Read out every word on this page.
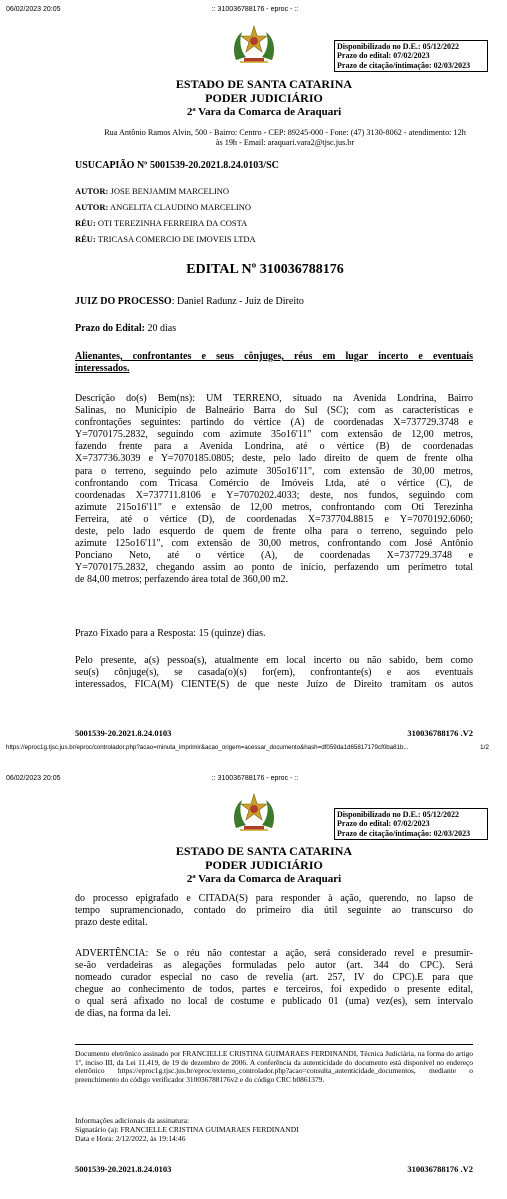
06/02/2023 20:05	:: 310036788176 - eproc - ::
Disponibilizado no D.E.: 05/12/2022
Prazo do edital: 07/02/2023
Prazo de citação/intimação: 02/03/2023
ESTADO DE SANTA CATARINA
PODER JUDICIÁRIO
2ª Vara da Comarca de Araquari
Rua Antônio Ramos Alvin, 500 - Bairro: Centro - CEP: 89245-000 - Fone: (47) 3130-8062 - atendimento: 12h
às 19h - Email: araquari.vara2@tjsc.jus.br
USUCAPIÃO Nº 5001539-20.2021.8.24.0103/SC
AUTOR: JOSE BENJAMIM MARCELINO
AUTOR: ANGELITA CLAUDINO MARCELINO
RÉU: OTI TEREZINHA FERREIRA DA COSTA
RÉU: TRICASA COMERCIO DE IMOVEIS LTDA
EDITAL Nº 310036788176
JUIZ DO PROCESSO: Daniel Radunz - Juiz de Direito
Prazo do Edital: 20 dias
Alienantes, confrontantes e seus cônjuges, réus em lugar incerto e eventuais
interessados.
Descrição do(s) Bem(ns): UM TERRENO, situado na Avenida Londrina, Bairro
Salinas, no Município de Balneário Barra do Sul (SC); com as características e
confrontações seguintes: partindo do vértice (A) de coordenadas X=737729.3748 e
Y=7070175.2832, seguindo com azimute 35o16'11" com extensão de 12,00 metros,
fazendo frente para a Avenida Londrina, até o vértice (B) de coordenadas
X=737736.3039 e Y=7070185.0805; deste, pelo lado direito de quem de frente olha
para o terreno, seguindo pelo azimute 305o16'11", com extensão de 30,00 metros,
confrontando com Tricasa Comércio de Imóveis Ltda, até o vértice (C), de
coordenadas X=737711.8106 e Y=7070202.4033; deste, nos fundos, seguindo com
azimute 215o16'11" e extensão de 12,00 metros, confrontando com Oti Terezinha
Ferreira, até o vértice (D), de coordenadas X=737704.8815 e Y=7070192.6060;
deste, pelo lado esquerdo de quem de frente olha para o terreno, seguindo pelo
azimute 125o16'11", com extensão de 30,00 metros, confrontando com José Antônio
Ponciano Neto, até o vértice (A), de coordenadas X=737729.3748 e
Y=7070175.2832, chegando assim ao ponto de início, perfazendo um perímetro total
de 84,00 metros; perfazendo área total de 360,00 m2.
Prazo Fixado para a Resposta: 15 (quinze) dias.
Pelo presente, a(s) pessoa(s), atualmente em local incerto ou não sabido, bem como
seu(s) cônjuge(s), se casada(o)(s) for(em), confrontante(s) e aos eventuais
interessados, FICA(M) CIENTE(S) de que neste Juízo de Direito tramitam os autos
5001539-20.2021.8.24.0103	310036788176 .V2
https://eproc1g.tjsc.jus.br/eproc/controlador.php?acao=minuta_imprimir&acao_origem=acessar_documento&hash=df059da1d65817179cf0ba81b...	1/2
06/02/2023 20:05	:: 310036788176 - eproc - ::
Disponibilizado no D.E.: 05/12/2022
Prazo do edital: 07/02/2023
Prazo de citação/intimação: 02/03/2023
ESTADO DE SANTA CATARINA
PODER JUDICIÁRIO
2ª Vara da Comarca de Araquari
do processo epigrafado e CITADA(S) para responder à ação, querendo, no lapso de
tempo supramencionado, contado do primeiro dia útil seguinte ao transcurso do
prazo deste edital.
ADVERTÊNCIA: Se o réu não contestar a ação, será considerado revel e presumir-
se-ão verdadeiras as alegações formuladas pelo autor (art. 344 do CPC). Será
nomeado curador especial no caso de revelia (art. 257, IV do CPC).E para que
chegue ao conhecimento de todos, partes e terceiros, foi expedido o presente edital,
o qual será afixado no local de costume e publicado 01 (uma) vez(es), sem intervalo
de dias, na forma da lei.
Documento eletrônico assinado por FRANCIELLE CRISTINA GUIMARAES FERDINANDI, Técnica Judiciária, na forma do artigo 1º, inciso III, da Lei 11.419, de 19 de dezembro de 2006. A conferência da autenticidade do documento está disponível no endereço eletrônico https://eproc1g.tjsc.jus.br/eproc/externo_controlador.php?acao=consulta_autenticidade_documentos, mediante o preenchimento do código verificador 310036788176v2 e do código CRC b0861379.
Informações adicionais da assinatura:
Signatário (a): FRANCIELLE CRISTINA GUIMARAES FERDINANDI
Data e Hora: 2/12/2022, às 19:14:46
5001539-20.2021.8.24.0103	310036788176 .V2
